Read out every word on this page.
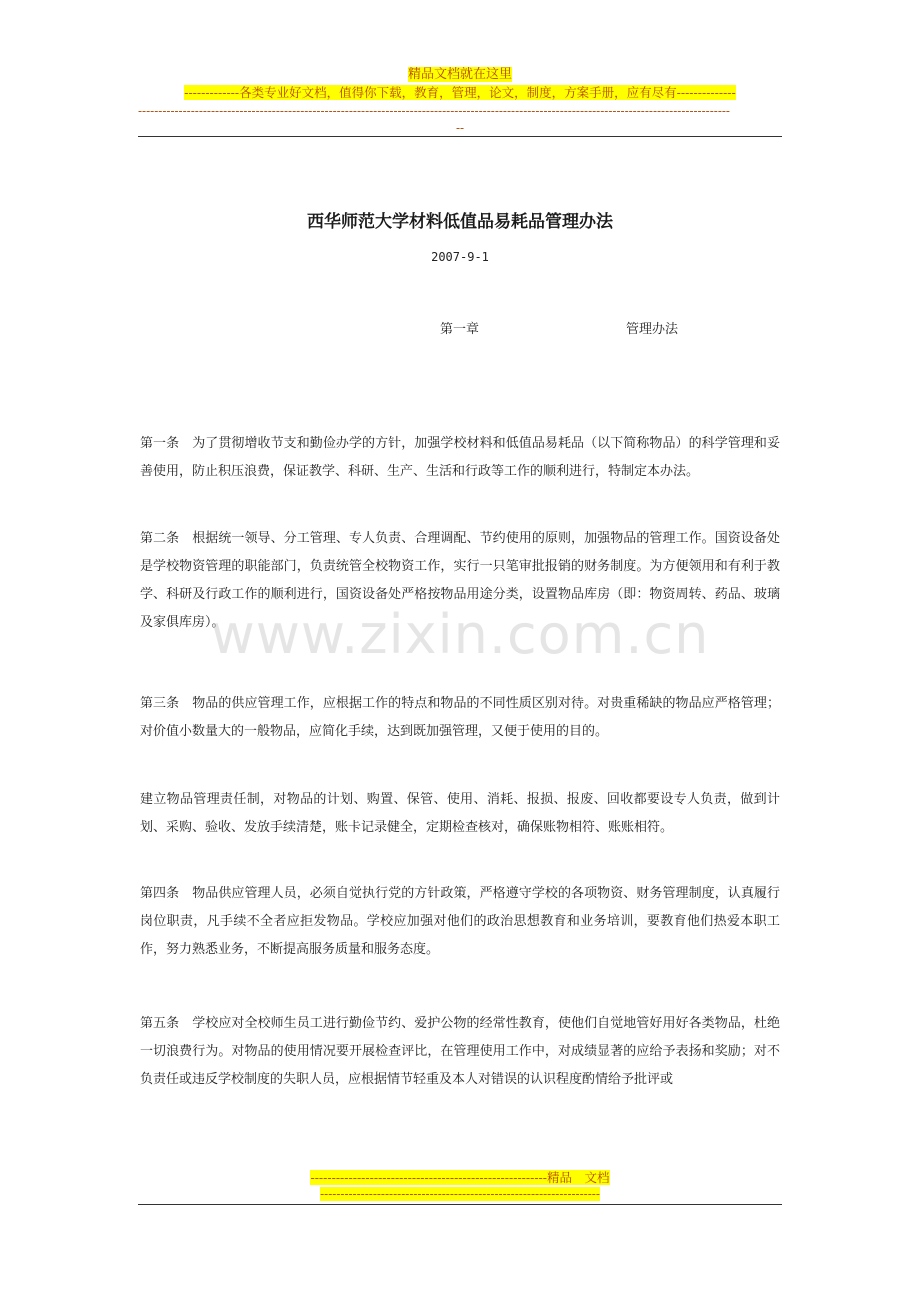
精品文档就在这里
-------------各类专业好文档，值得你下载，教育，管理，论文，制度，方案手册，应有尽有--------------
--------------------------------------------------------------------------------------------------------------------------------------------------
--
西华师范大学材料低值品易耗品管理办法
2007-9-1
第一章	管理办法

第一条　为了贯彻增收节支和勤俭办学的方针，加强学校材料和低值品易耗品（以下简称物品）的科学管理和妥善使用，防止积压浪费，保证教学、科研、生产、生活和行政等工作的顺利进行，特制定本办法。

第二条　根据统一领导、分工管理、专人负责、合理调配、节约使用的原则，加强物品的管理工作。国资设备处是学校物资管理的职能部门，负责统管全校物资工作，实行一只笔审批报销的财务制度。为方便领用和有利于教学、科研及行政工作的顺利进行，国资设备处严格按物品用途分类，设置物品库房（即：物资周转、药品、玻璃及家俱库房）。

第三条　物品的供应管理工作，应根据工作的特点和物品的不同性质区别对待。对贵重稀缺的物品应严格管理；对价值小数量大的一般物品，应简化手续，达到既加强管理，又便于使用的目的。

建立物品管理责任制，对物品的计划、购置、保管、使用、消耗、报损、报废、回收都要设专人负责，做到计划、采购、验收、发放手续清楚，账卡记录健全，定期检查核对，确保账物相符、账账相符。

第四条　物品供应管理人员，必须自觉执行党的方针政策，严格遵守学校的各项物资、财务管理制度，认真履行岗位职责，凡手续不全者应拒发物品。学校应加强对他们的政治思想教育和业务培训，要教育他们热爱本职工作，努力熟悉业务，不断提高服务质量和服务态度。

第五条　学校应对全校师生员工进行勤俭节约、爱护公物的经常性教育，使他们自觉地管好用好各类物品，杜绝一切浪费行为。对物品的使用情况要开展检查评比，在管理使用工作中，对成绩显著的应给予表扬和奖励；对不负责任或违反学校制度的失职人员，应根据情节轻重及本人对错误的认识程度酌情给予批评或

www.zixin.com.cn
--------------------------------------------------------精品　文档
---------------------------------------------------------------------
